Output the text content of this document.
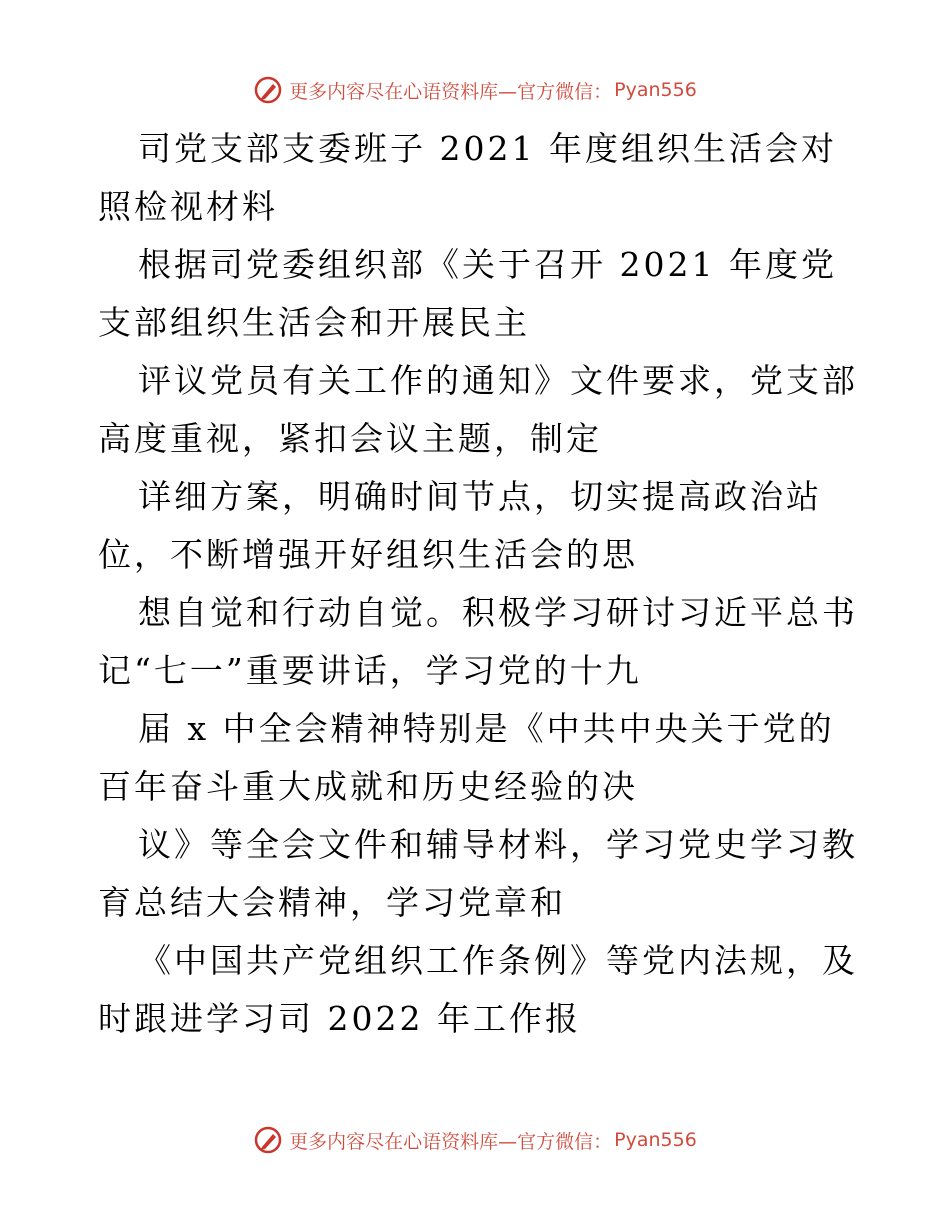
更多内容尽在心语资料库—官方微信： Pyan556

司党支部支委班子 2021 年度组织生活会对照检视材料

根据司党委组织部《关于召开 2021 年度党支部组织生活会和开展民主

评议党员有关工作的通知》文件要求，党支部高度重视，紧扣会议主题，制定

详细方案，明确时间节点，切实提高政治站位，不断增强开好组织生活会的思

想自觉和行动自觉。积极学习研讨习近平总书记“七一”重要讲话，学习党的十九

届 x 中全会精神特别是《中共中央关于党的百年奋斗重大成就和历史经验的决

议》等全会文件和辅导材料，学习党史学习教育总结大会精神，学习党章和

《中国共产党组织工作条例》等党内法规，及时跟进学习司 2022 年工作报

更多内容尽在心语资料库—官方微信： Pyan556
